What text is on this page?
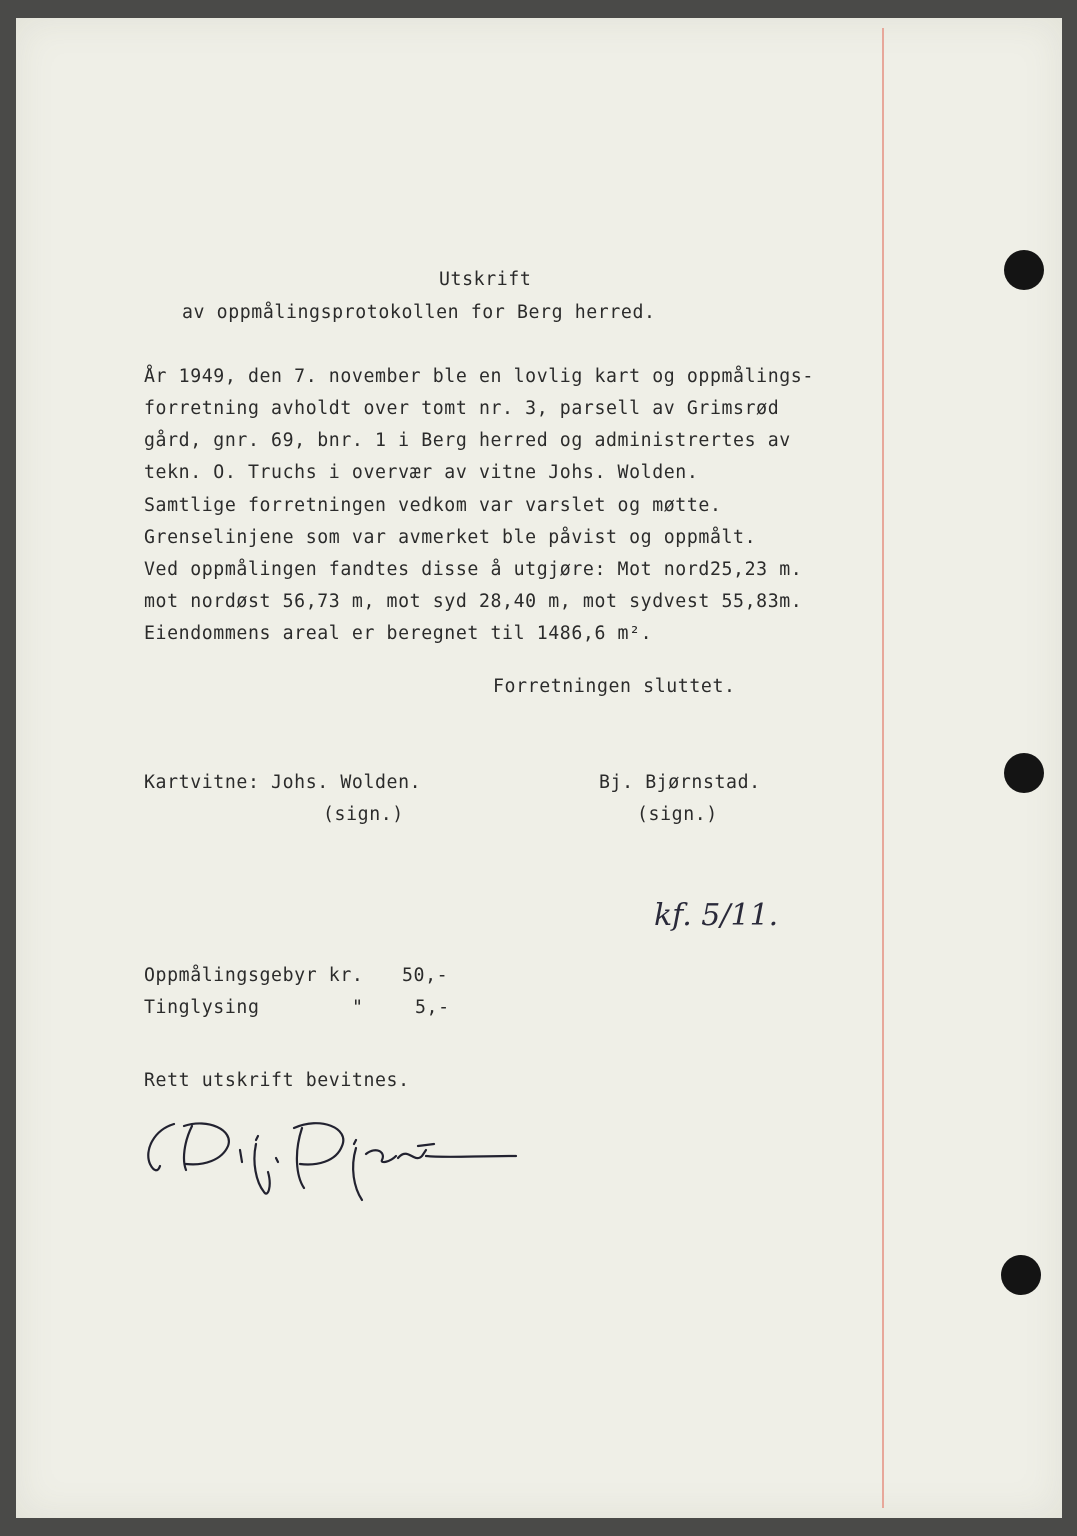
Utskrift
av oppmålingsprotokollen for Berg herred.
År 1949, den 7. november ble en lovlig kart og oppmålings-
forretning avholdt over tomt nr. 3, parsell av Grimsrød
gård, gnr. 69, bnr. 1 i Berg herred og administrertes av
tekn. O. Truchs i overvær av vitne Johs. Wolden.
Samtlige forretningen vedkom var varslet og møtte.
Grenselinjene som var avmerket ble påvist og oppmålt.
Ved oppmålingen fandtes disse å utgjøre: Mot nord25,23 m.
mot nordøst 56,73 m, mot syd 28,40 m, mot sydvest 55,83m.
Eiendommens areal er beregnet til 1486,6 m².
Forretningen sluttet.
Kartvitne: Johs. Wolden.
(sign.)
Bj. Bjørnstad.
(sign.)
kf. 5/11.
Oppmålingsgebyr kr. 50,-
Tinglysing	"	5,-
Rett utskrift bevitnes.
